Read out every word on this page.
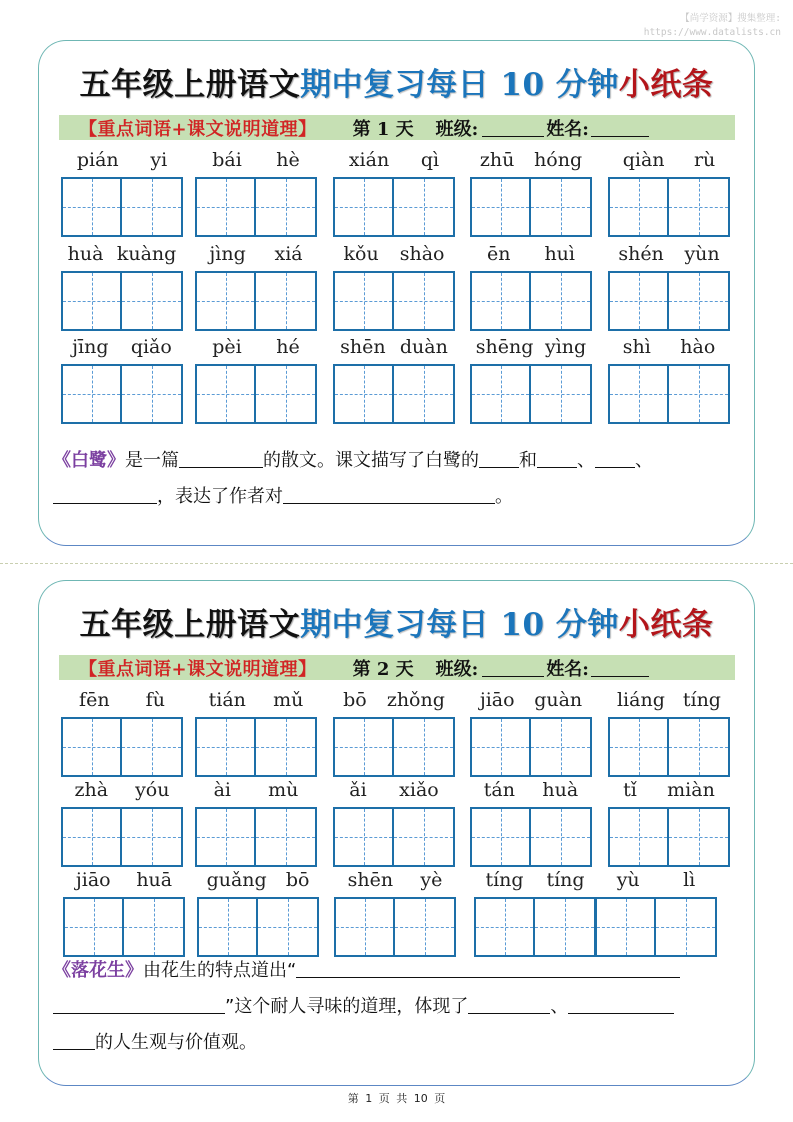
【尚学资源】搜集整理:
https://www.datalists.cn
五年级上册语文期中复习每日 10 分钟小纸条
【重点词语+课文说明道理】 第 1 天 班级:	姓名:
pián yi bái hè	xián qì zhū hóng qiàn rù
huà kuàng jìng xiá kǒu shào ēn huì shén yùn
jīng qiǎo pèi hé shēn duàn shēng yìng shì hào
《白鹭》是一篇	的散文。课文描写了白鹭的 和 、 、
，表达了作者对	。
五年级上册语文期中复习每日 10 分钟小纸条
【重点词语+课文说明道理】 第 2 天 班级:	姓名:
fēn fù tián mǔ bō zhǒng jiāo guàn liáng tíng
zhà yóu ài mù	ǎi xiǎo tán huà tǐ miàn
jiāo huā guǎng bō shēn yè tíng tíng yù lì
《落花生》由花生的特点道出“
”这个耐人寻味的道理，体现了	、
的人生观与价值观。
第 1 页 共 10 页
